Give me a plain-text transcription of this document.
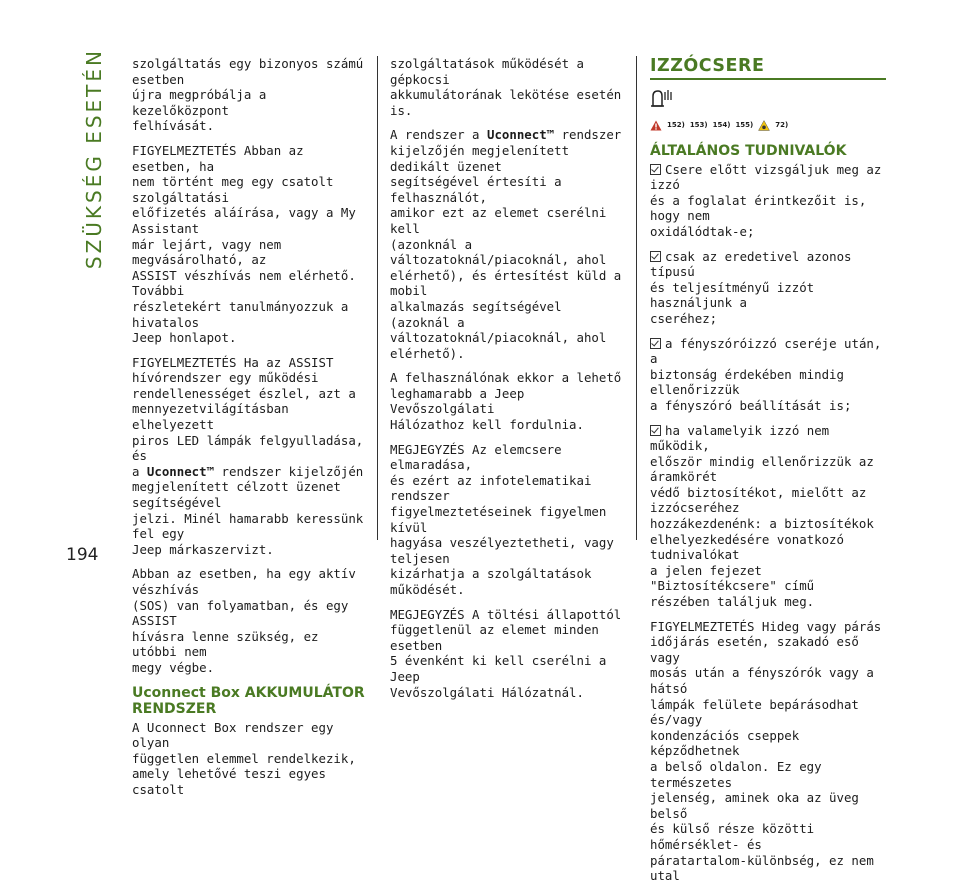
SZÜKSÉG ESETÉN
194

szolgáltatás egy bizonyos számú esetben
újra megpróbálja a kezelőközpont
felhívását.

FIGYELMEZTETÉS Abban az esetben, ha
nem történt meg egy csatolt szolgáltatási
előfizetés aláírása, vagy a My Assistant
már lejárt, vagy nem megvásárolható, az
ASSIST vészhívás nem elérhető. További
részletekért tanulmányozzuk a hivatalos
Jeep honlapot.

FIGYELMEZTETÉS Ha az ASSIST
hívórendszer egy működési
rendellenességet észlel, azt a
mennyezetvilágításban elhelyezett
piros LED lámpák felgyulladása, és
a Uconnect™ rendszer kijelzőjén
megjelenített célzott üzenet segítségével
jelzi. Minél hamarabb keressünk fel egy
Jeep márkaszervizt.

Abban az esetben, ha egy aktív vészhívás
(SOS) van folyamatban, és egy ASSIST
hívásra lenne szükség, ez utóbbi nem
megy végbe.

Uconnect Box AKKUMULÁTOR RENDSZER

A Uconnect Box rendszer egy olyan
független elemmel rendelkezik,
amely lehetővé teszi egyes csatolt

szolgáltatások működését a gépkocsi
akkumulátorának lekötése esetén is.

A rendszer a Uconnect™ rendszer
kijelzőjén megjelenített dedikált üzenet
segítségével értesíti a felhasználót,
amikor ezt az elemet cserélni kell
(azonknál a változatoknál/piacoknál, ahol
elérhető), és értesítést küld a mobil
alkalmazás segítségével (azoknál a
változatoknál/piacoknál, ahol elérhető).

A felhasználónak ekkor a lehető
leghamarabb a Jeep Vevőszolgálati
Hálózathoz kell fordulnia.

MEGJEGYZÉS Az elemcsere elmaradása,
és ezért az infotelematikai rendszer
figyelmeztetéseinek figyelmen kívül
hagyása veszélyeztetheti, vagy teljesen
kizárhatja a szolgáltatások működését.

MEGJEGYZÉS A töltési állapottól
függetlenül az elemet minden esetben
5 évenként ki kell cserélni a Jeep
Vevőszolgálati Hálózatnál.

IZZÓCSERE
152) 153) 154) 155)	72)
ÁLTALÁNOS TUDNIVALÓK

Csere előtt vizsgáljuk meg az izzó
és a foglalat érintkezőit is, hogy nem
oxidálódtak-e;

csak az eredetivel azonos típusú
és teljesítményű izzót használjunk a
cseréhez;

a fényszóróizzó cseréje után, a
biztonság érdekében mindig ellenőrizzük
a fényszóró beállítását is;

ha valamelyik izzó nem működik,
először mindig ellenőrizzük az áramkörét
védő biztosítékot, mielőtt az izzócseréhez
hozzákezdenénk: a biztosítékok
elhelyezkedésére vonatkozó tudnivalókat
a jelen fejezet "Biztosítékcsere" című
részében találjuk meg.

FIGYELMEZTETÉS Hideg vagy párás
időjárás esetén, szakadó eső vagy
mosás után a fényszórók vagy a hátsó
lámpák felülete bepárásodhat és/vagy
kondenzációs cseppek képződhetnek
a belső oldalon. Ez egy természetes
jelenség, aminek oka az üveg belső
és külső része közötti hőmérséklet- és
páratartalom-különbség, ez nem utal
